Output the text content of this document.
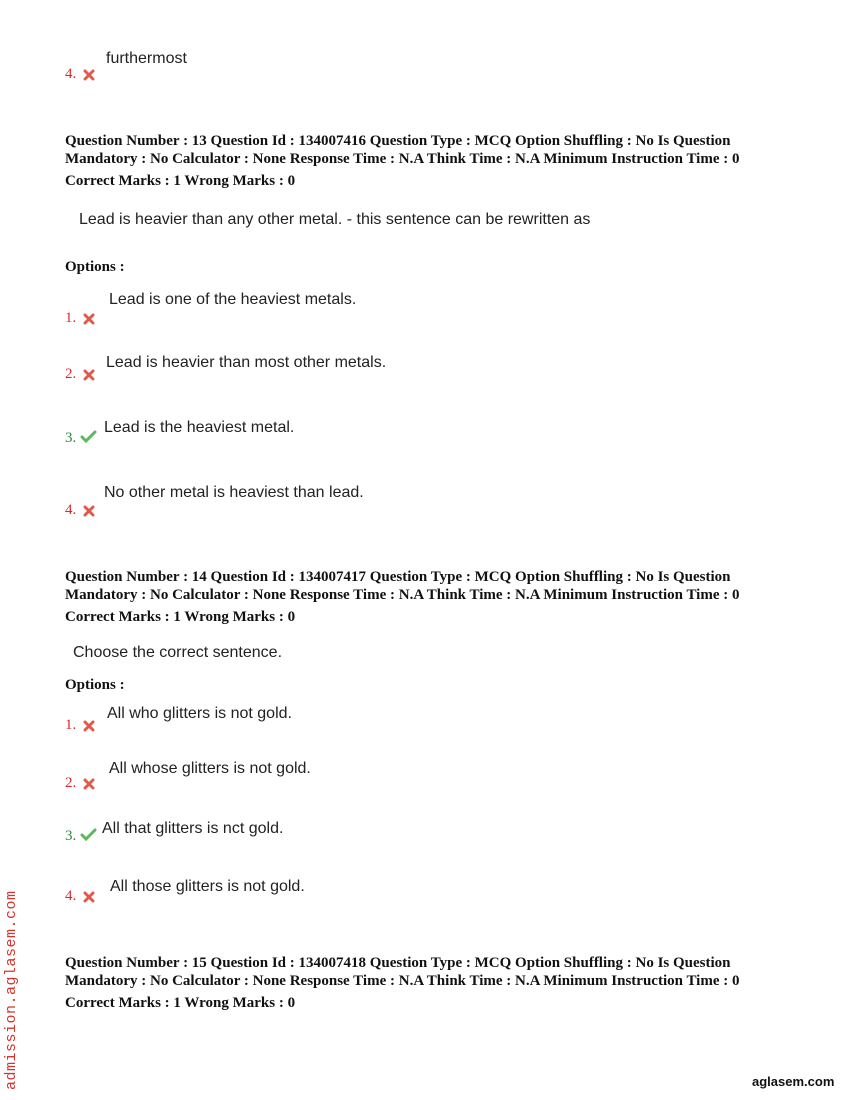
furthermost
4.
Question Number : 13 Question Id : 134007416 Question Type : MCQ Option Shuffling : No Is Question
Mandatory : No Calculator : None Response Time : N.A Think Time : N.A Minimum Instruction Time : 0
Correct Marks : 1 Wrong Marks : 0
Lead is heavier than any other metal. - this sentence can be rewritten as
Options :
Lead is one of the heaviest metals.
1.
Lead is heavier than most other metals.
2.
Lead is the heaviest metal.
3.
No other metal is heaviest than lead.
4.
Question Number : 14 Question Id : 134007417 Question Type : MCQ Option Shuffling : No Is Question
Mandatory : No Calculator : None Response Time : N.A Think Time : N.A Minimum Instruction Time : 0
Correct Marks : 1 Wrong Marks : 0
Choose the correct sentence.
Options :
All who glitters is not gold.
1.
All whose glitters is not gold.
2.
All that glitters is nct gold.
3.
All those glitters is not gold.
4.
Question Number : 15 Question Id : 134007418 Question Type : MCQ Option Shuffling : No Is Question
Mandatory : No Calculator : None Response Time : N.A Think Time : N.A Minimum Instruction Time : 0
Correct Marks : 1 Wrong Marks : 0
admission.aglasem.com	aglasem.com
